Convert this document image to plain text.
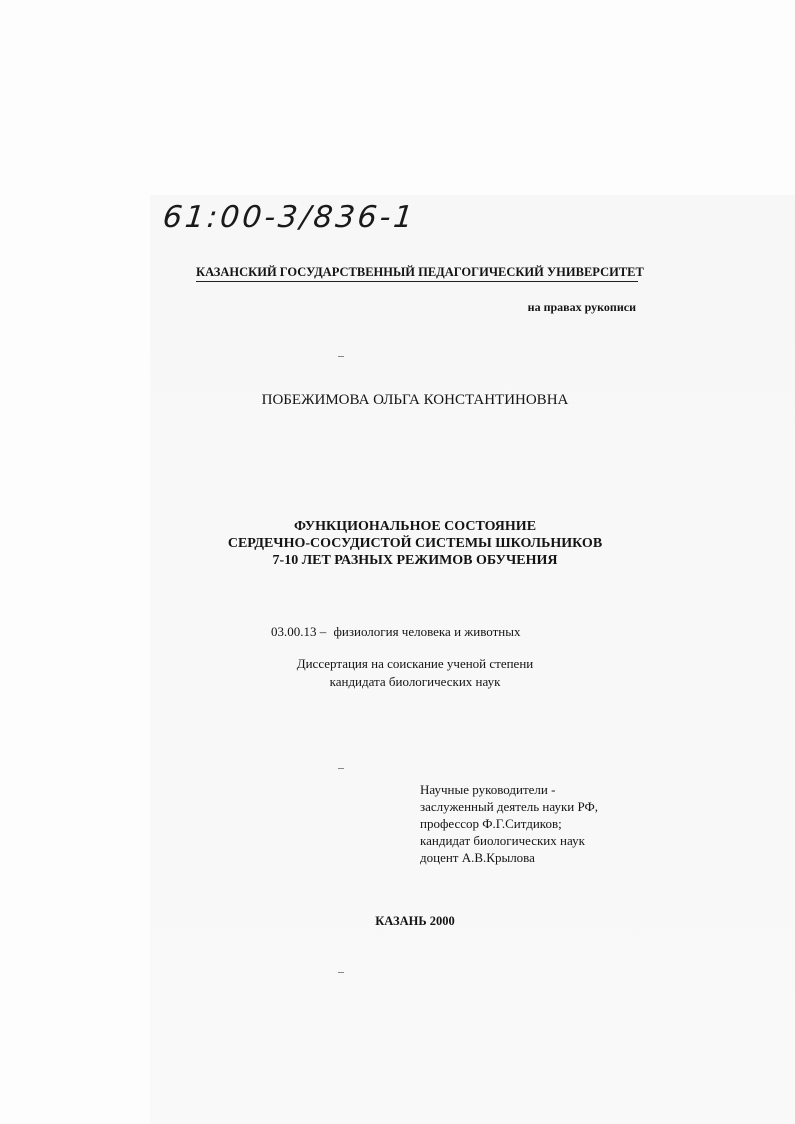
61:00-3/836-1
КАЗАНСКИЙ ГОСУДАРСТВЕННЫЙ ПЕДАГОГИЧЕСКИЙ УНИВЕРСИТЕТ
на правах рукописи
ПОБЕЖИМОВА ОЛЬГА КОНСТАНТИНОВНА
ФУНКЦИОНАЛЬНОЕ СОСТОЯНИЕ
СЕРДЕЧНО-СОСУДИСТОЙ СИСТЕМЫ ШКОЛЬНИКОВ
7-10 ЛЕТ РАЗНЫХ РЕЖИМОВ ОБУЧЕНИЯ
03.00.13 – физиология человека и животных
Диссертация на соискание ученой степени
кандидата биологических наук
Научные руководители -
заслуженный деятель науки РФ,
профессор Ф.Г.Ситдиков;
кандидат биологических наук
доцент А.В.Крылова
КАЗАНЬ 2000
